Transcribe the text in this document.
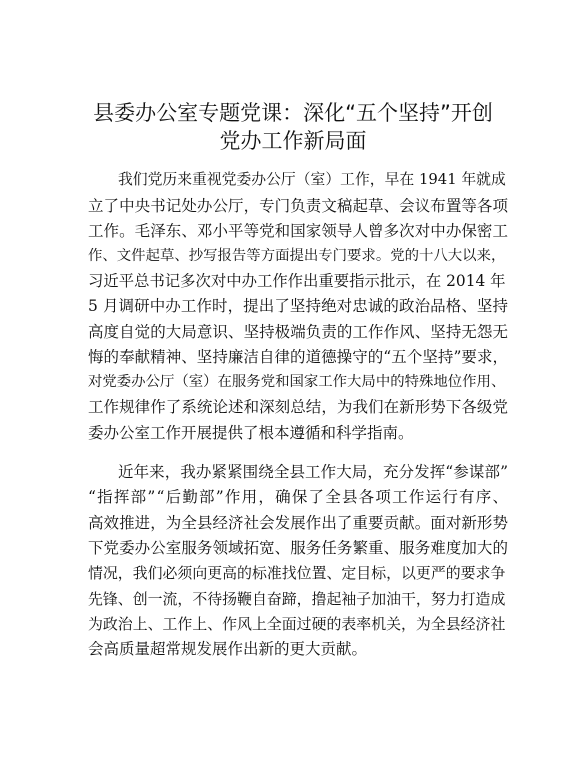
县委办公室专题党课：深化“五个坚持”开创
党办工作新局面
我们党历来重视党委办公厅（室）工作，早在 1941 年就成
立了中央书记处办公厅，专门负责文稿起草、会议布置等各项
工作。毛泽东、邓小平等党和国家领导人曾多次对中办保密工
作、文件起草、抄写报告等方面提出专门要求。党的十八大以来，
习近平总书记多次对中办工作作出重要指示批示，在 2014 年
5 月调研中办工作时，提出了坚持绝对忠诚的政治品格、坚持
高度自觉的大局意识、坚持极端负责的工作作风、坚持无怨无
悔的奉献精神、坚持廉洁自律的道德操守的“五个坚持”要求，
对党委办公厅（室）在服务党和国家工作大局中的特殊地位作用、
工作规律作了系统论述和深刻总结，为我们在新形势下各级党
委办公室工作开展提供了根本遵循和科学指南。
近年来，我办紧紧围绕全县工作大局，充分发挥“参谋部”
“指挥部”“后勤部”作用，确保了全县各项工作运行有序、
高效推进，为全县经济社会发展作出了重要贡献。面对新形势
下党委办公室服务领域拓宽、服务任务繁重、服务难度加大的
情况，我们必须向更高的标准找位置、定目标，以更严的要求争
先锋、创一流，不待扬鞭自奋蹄，撸起袖子加油干，努力打造成
为政治上、工作上、作风上全面过硬的表率机关，为全县经济社
会高质量超常规发展作出新的更大贡献。
